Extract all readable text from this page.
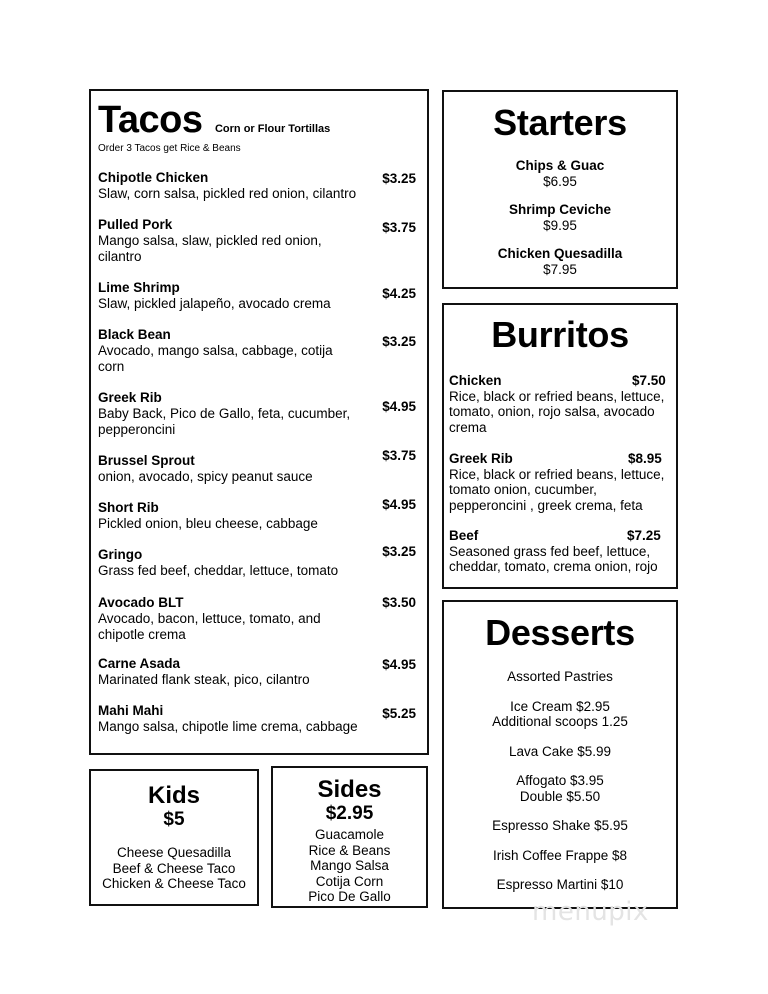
Tacos Corn or Flour Tortillas
Order 3 Tacos get Rice & Beans
$3.25
Chipotle Chicken
Slaw, corn salsa, pickled red onion, cilantro
$3.75
Pulled Pork
Mango salsa, slaw, pickled red onion, cilantro
$4.25
Lime Shrimp
Slaw, pickled jalapeño, avocado crema
$3.25
Black Bean
Avocado, mango salsa, cabbage, cotija corn
$4.95
Greek Rib
Baby Back, Pico de Gallo, feta, cucumber, pepperoncini
$3.75
Brussel Sprout
onion, avocado, spicy peanut sauce
$4.95
Short Rib
Pickled onion, bleu cheese, cabbage
$3.25
Gringo
Grass fed beef, cheddar, lettuce, tomato
$3.50
Avocado BLT
Avocado, bacon, lettuce, tomato, and chipotle crema
$4.95
Carne Asada
Marinated flank steak, pico, cilantro
$5.25
Mahi Mahi
Mango salsa, chipotle lime crema, cabbage
Starters
Chips & Guac
$6.95
Shrimp Ceviche
$9.95
Chicken Quesadilla
$7.95
Burritos
$7.50
Chicken
Rice, black or refried beans, lettuce, tomato, onion, rojo salsa, avocado crema
$8.95
Greek Rib
Rice, black or refried beans, lettuce, tomato onion, cucumber, pepperoncini , greek crema, feta
$7.25
Beef
Seasoned grass fed beef, lettuce, cheddar, tomato, crema onion, rojo
Desserts
Assorted Pastries
Ice Cream $2.95
Additional scoops 1.25
Lava Cake $5.99
Affogato $3.95
Double $5.50
Espresso Shake $5.95
Irish Coffee Frappe $8
Espresso Martini $10
Kids
$5
Cheese Quesadilla
Beef & Cheese Taco
Chicken & Cheese Taco
Sides
$2.95
Guacamole
Rice & Beans
Mango Salsa
Cotija Corn
Pico De Gallo
menupix
